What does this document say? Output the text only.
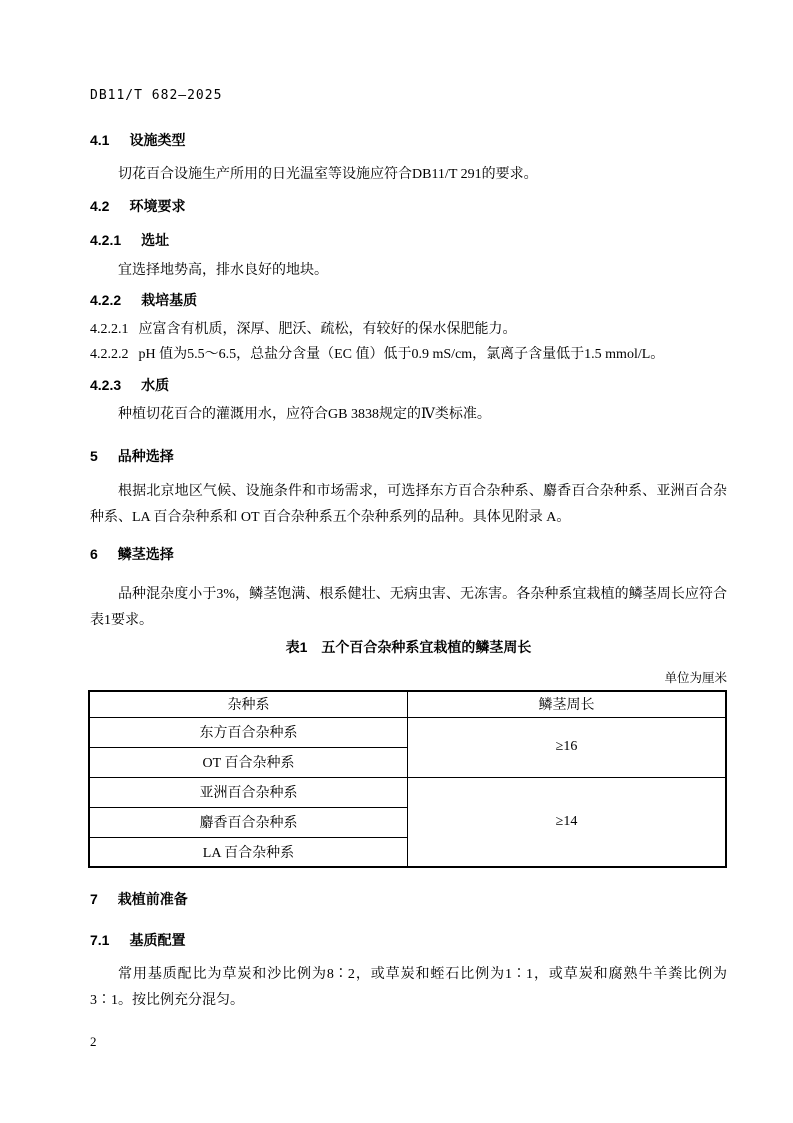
DB11/T 682—2025
4.1 设施类型
切花百合设施生产所用的日光温室等设施应符合DB11/T 291的要求。
4.2 环境要求
4.2.1 选址
宜选择地势高，排水良好的地块。
4.2.2 栽培基质
4.2.2.1 应富含有机质，深厚、肥沃、疏松，有较好的保水保肥能力。
4.2.2.2 pH 值为5.5～6.5，总盐分含量（EC 值）低于0.9 mS/cm，氯离子含量低于1.5 mmol/L。
4.2.3 水质
种植切花百合的灌溉用水，应符合GB 3838规定的Ⅳ类标准。
5 品种选择
根据北京地区气候、设施条件和市场需求，可选择东方百合杂种系、麝香百合杂种系、亚洲百合杂种系、LA 百合杂种系和 OT 百合杂种系五个杂种系列的品种。具体见附录 A。
6 鳞茎选择
品种混杂度小于3%，鳞茎饱满、根系健壮、无病虫害、无冻害。各杂种系宜栽植的鳞茎周长应符合表1要求。
表1 五个百合杂种系宜栽植的鳞茎周长
单位为厘米
杂种系	鳞茎周长
东方百合杂种系	≥16
OT 百合杂种系	
亚洲百合杂种系	≥14
麝香百合杂种系	
LA 百合杂种系	
7 栽植前准备
7.1 基质配置
常用基质配比为草炭和沙比例为8∶2，或草炭和蛭石比例为1∶1，或草炭和腐熟牛羊粪比例为3∶1。按比例充分混匀。
2
